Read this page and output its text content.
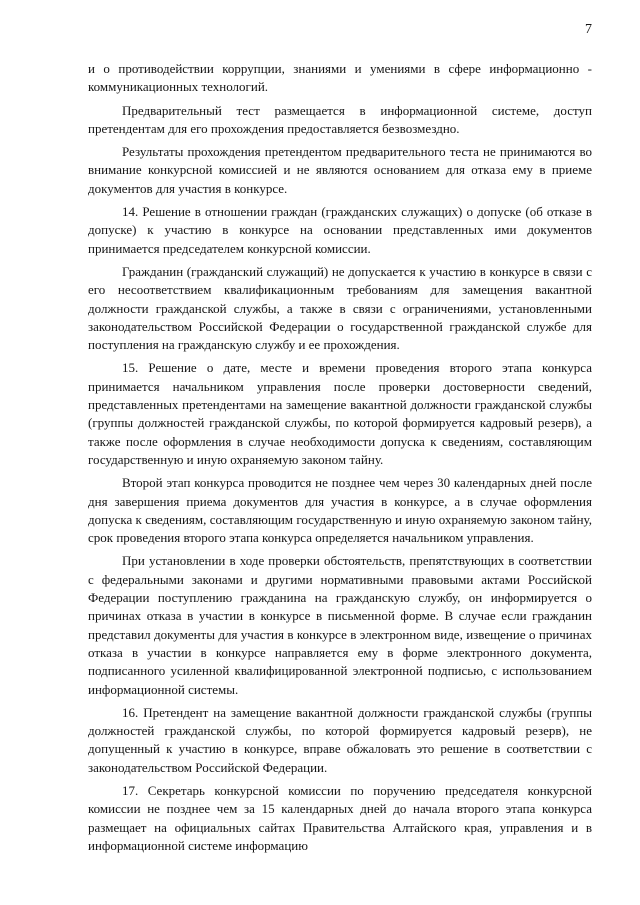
7

и о противодействии коррупции, знаниями и умениями в сфере информационно - коммуникационных технологий.

Предварительный тест размещается в информационной системе, доступ претендентам для его прохождения предоставляется безвозмездно.

Результаты прохождения претендентом предварительного теста не принимаются во внимание конкурсной комиссией и не являются основанием для отказа ему в приеме документов для участия в конкурсе.

14. Решение в отношении граждан (гражданских служащих) о допуске (об отказе в допуске) к участию в конкурсе на основании представленных ими документов принимается председателем конкурсной комиссии.

Гражданин (гражданский служащий) не допускается к участию в конкурсе в связи с его несоответствием квалификационным требованиям для замещения вакантной должности гражданской службы, а также в связи с ограничениями, установленными законодательством Российской Федерации о государственной гражданской службе для поступления на гражданскую службу и ее прохождения.

15. Решение о дате, месте и времени проведения второго этапа конкурса принимается начальником управления после проверки достоверности сведений, представленных претендентами на замещение вакантной должности гражданской службы (группы должностей гражданской службы, по которой формируется кадровый резерв), а также после оформления в случае необходимости допуска к сведениям, составляющим государственную и иную охраняемую законом тайну.

Второй этап конкурса проводится не позднее чем через 30 календарных дней после дня завершения приема документов для участия в конкурсе, а в случае оформления допуска к сведениям, составляющим государственную и иную охраняемую законом тайну, срок проведения второго этапа конкурса определяется начальником управления.

При установлении в ходе проверки обстоятельств, препятствующих в соответствии с федеральными законами и другими нормативными правовыми актами Российской Федерации поступлению гражданина на гражданскую службу, он информируется о причинах отказа в участии в конкурсе в письменной форме. В случае если гражданин представил документы для участия в конкурсе в электронном виде, извещение о причинах отказа в участии в конкурсе направляется ему в форме электронного документа, подписанного усиленной квалифицированной электронной подписью, с использованием информационной системы.

16. Претендент на замещение вакантной должности гражданской службы (группы должностей гражданской службы, по которой формируется кадровый резерв), не допущенный к участию в конкурсе, вправе обжаловать это решение в соответствии с законодательством Российской Федерации.

17. Секретарь конкурсной комиссии по поручению председателя конкурсной комиссии не позднее чем за 15 календарных дней до начала второго этапа конкурса размещает на официальных сайтах Правительства Алтайского края, управления и в информационной системе информацию
